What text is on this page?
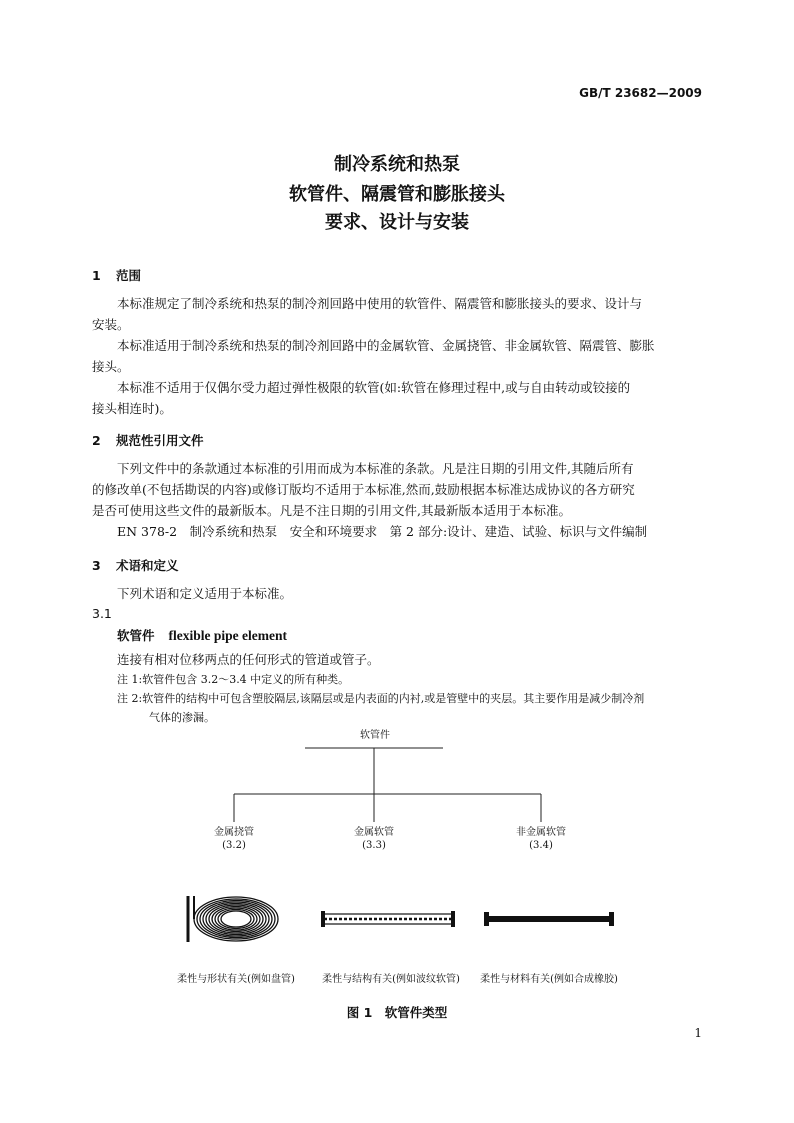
GB/T 23682—2009
制冷系统和热泵
软管件、隔震管和膨胀接头
要求、设计与安装
1 范围
本标准规定了制冷系统和热泵的制冷剂回路中使用的软管件、隔震管和膨胀接头的要求、设计与
安装。
本标准适用于制冷系统和热泵的制冷剂回路中的金属软管、金属挠管、非金属软管、隔震管、膨胀
接头。
本标准不适用于仅偶尔受力超过弹性极限的软管(如:软管在修理过程中,或与自由转动或铰接的
接头相连时)。
2 规范性引用文件
下列文件中的条款通过本标准的引用而成为本标准的条款。凡是注日期的引用文件,其随后所有
的修改单(不包括勘误的内容)或修订版均不适用于本标准,然而,鼓励根据本标准达成协议的各方研究
是否可使用这些文件的最新版本。凡是不注日期的引用文件,其最新版本适用于本标准。
EN 378-2　制冷系统和热泵　安全和环境要求　第 2 部分:设计、建造、试验、标识与文件编制
3 术语和定义
下列术语和定义适用于本标准。
3.1
软管件 flexible pipe element
连接有相对位移两点的任何形式的管道或管子。
注 1:软管件包含 3.2～3.4 中定义的所有种类。
注 2:软管件的结构中可包含塑胶隔层,该隔层或是内表面的内衬,或是管壁中的夹层。其主要作用是减少制冷剂
气体的渗漏。
软管件
金属挠管
(3.2)
金属软管
(3.3)
非金属软管
(3.4)
柔性与形状有关(例如盘管)	柔性与结构有关(例如波纹软管)	柔性与材料有关(例如合成橡胶)
图 1　软管件类型
1
